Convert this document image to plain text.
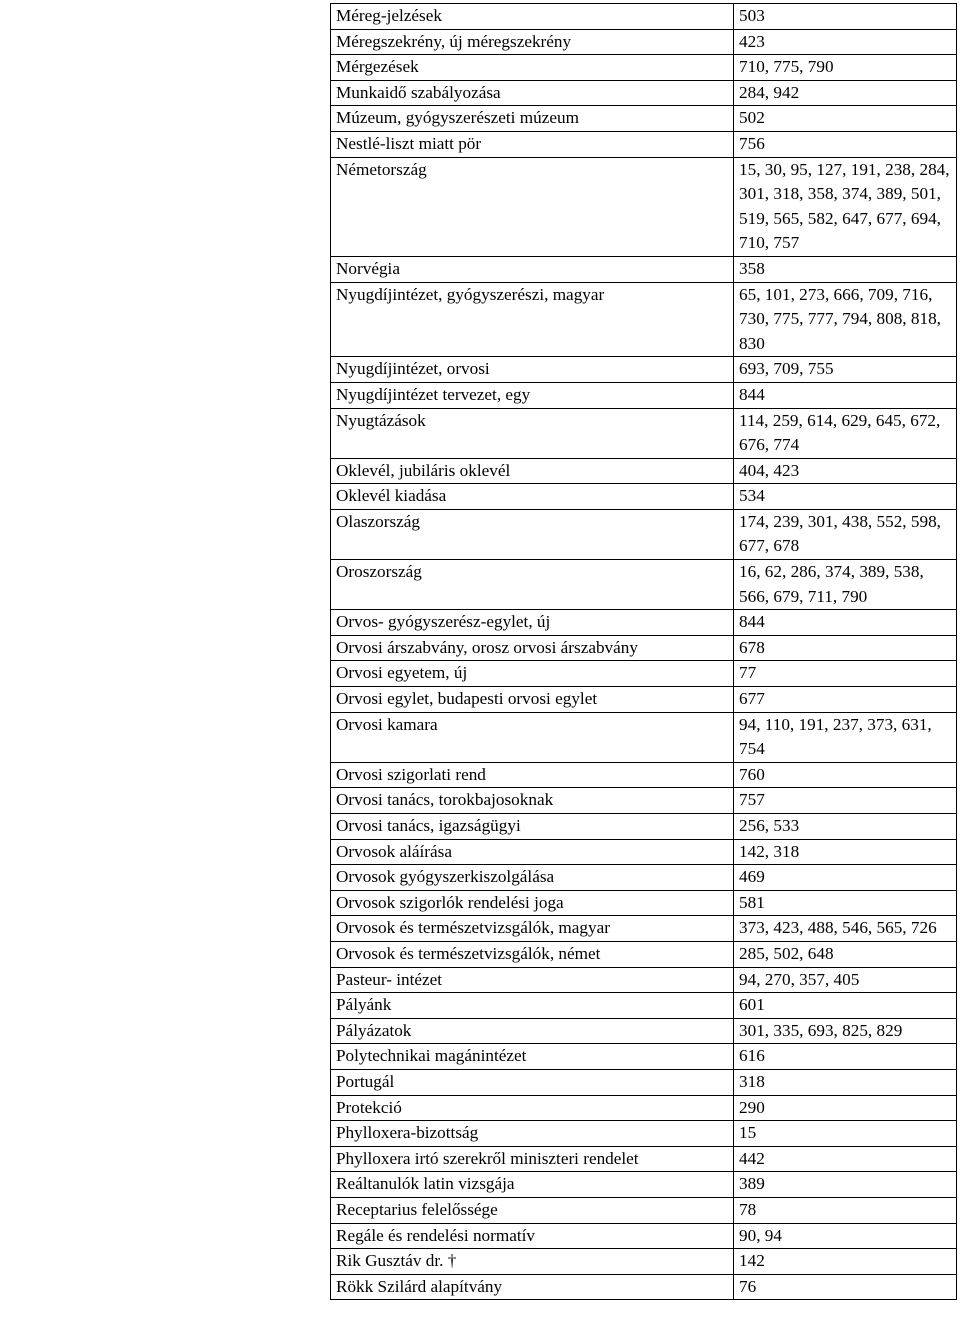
Méreg-jelzések	503
Méregszekrény, új méregszekrény	423
Mérgezések	710, 775, 790
Munkaidő szabályozása	284, 942
Múzeum, gyógyszerészeti múzeum	502
Nestlé-liszt miatt pör	756
Németország	15, 30, 95, 127, 191, 238, 284, 301, 318, 358, 374, 389, 501, 519, 565, 582, 647, 677, 694, 710, 757
Norvégia	358
Nyugdíjintézet, gyógyszerészi, magyar	65, 101, 273, 666, 709, 716, 730, 775, 777, 794, 808, 818, 830
Nyugdíjintézet, orvosi	693, 709, 755
Nyugdíjintézet tervezet, egy	844
Nyugtázások	114, 259, 614, 629, 645, 672, 676, 774
Oklevél, jubiláris oklevél	404, 423
Oklevél kiadása	534
Olaszország	174, 239, 301, 438, 552, 598, 677, 678
Oroszország	16, 62, 286, 374, 389, 538, 566, 679, 711, 790
Orvos- gyógyszerész-egylet, új	844
Orvosi árszabvány, orosz orvosi árszabvány	678
Orvosi egyetem, új	77
Orvosi egylet, budapesti orvosi egylet	677
Orvosi kamara	94, 110, 191, 237, 373, 631, 754
Orvosi szigorlati rend	760
Orvosi tanács, torokbajosoknak	757
Orvosi tanács, igazságügyi	256, 533
Orvosok aláírása	142, 318
Orvosok gyógyszerkiszolgálása	469
Orvosok szigorlók rendelési joga	581
Orvosok és természetvizsgálók, magyar	373, 423, 488, 546, 565, 726
Orvosok és természetvizsgálók, német	285, 502, 648
Pasteur- intézet	94, 270, 357, 405
Pályánk	601
Pályázatok	301, 335, 693, 825, 829
Polytechnikai magánintézet	616
Portugál	318
Protekció	290
Phylloxera-bizottság	15
Phylloxera irtó szerekről miniszteri rendelet	442
Reáltanulók latin vizsgája	389
Receptarius felelőssége	78
Regále és rendelési normatív	90, 94
Rik Gusztáv dr. †	142
Rökk Szilárd alapítvány	76
